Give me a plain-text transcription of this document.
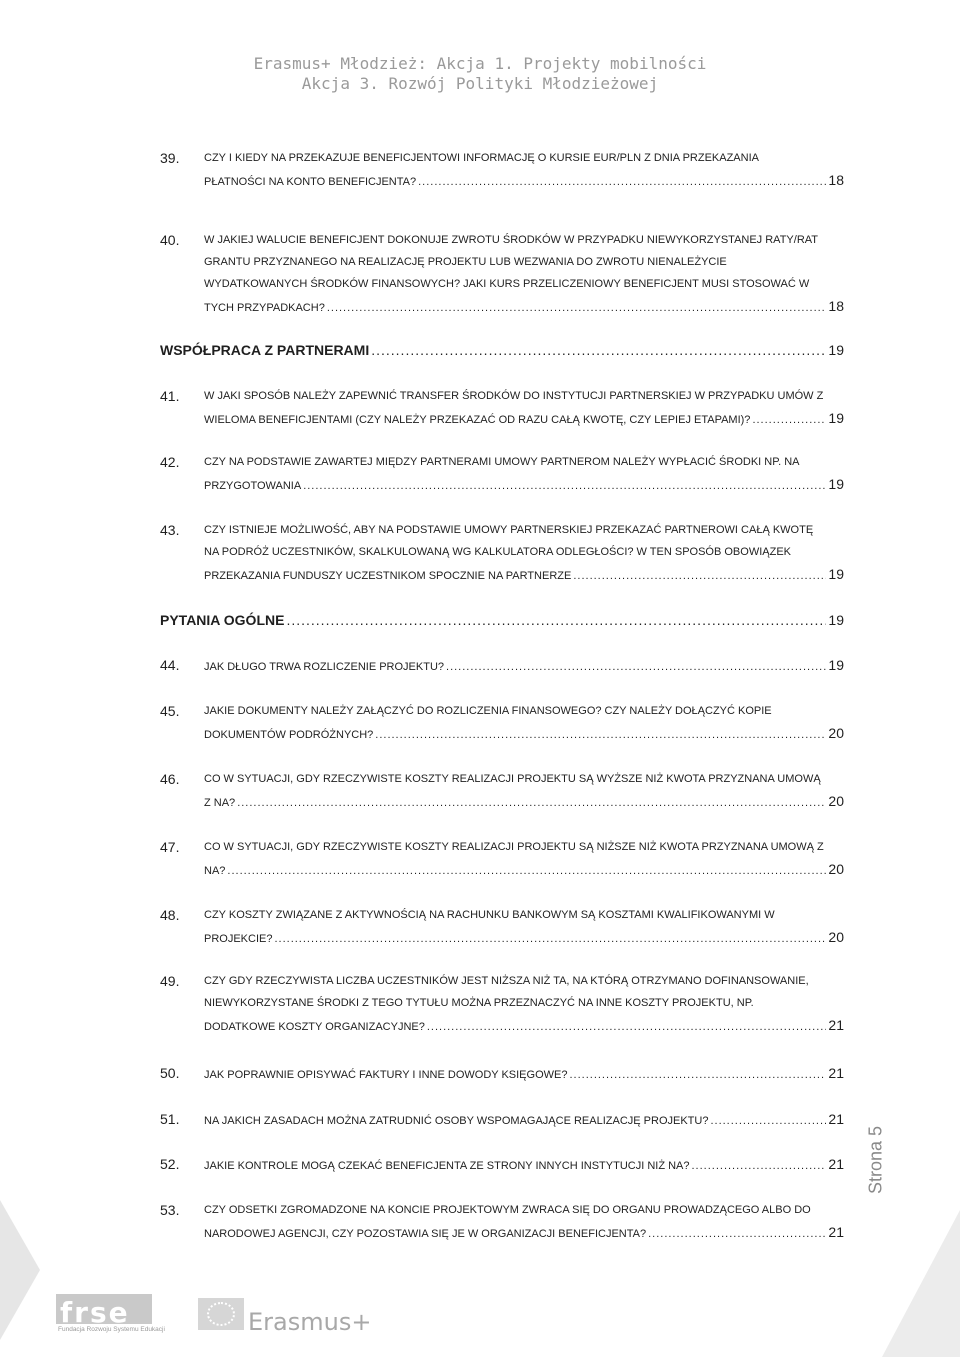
Erasmus+ Młodzież: Akcja 1. Projekty mobilności
Akcja 3. Rozwój Polityki Młodzieżowej
39. CZY I KIEDY NA PRZEKAZUJE BENEFICJENTOWI INFORMACJĘ O KURSIE EUR/PLN Z DNIA PRZEKAZANIA
PŁATNOŚCI NA KONTO BENEFICJENTA? .....	18
40. W JAKIEJ WALUCIE BENEFICJENT DOKONUJE ZWROTU ŚRODKÓW W PRZYPADKU NIEWYKORZYSTANEJ RATY/RAT
GRANTU PRZYZNANEGO NA REALIZACJĘ PROJEKTU LUB WEZWANIA DO ZWROTU NIENALEŻYCIE
WYDATKOWANYCH ŚRODKÓW FINANSOWYCH? JAKI KURS PRZELICZENIOWY BENEFICJENT MUSI STOSOWAĆ W
TYCH PRZYPADKACH? .....	18
WSPÓŁPRACA Z PARTNERAMI .....	19
41. W JAKI SPOSÓB NALEŻY ZAPEWNIĆ TRANSFER ŚRODKÓW DO INSTYTUCJI PARTNERSKIEJ W PRZYPADKU UMÓW Z
WIELOMA BENEFICJENTAMI (CZY NALEŻY PRZEKAZAĆ OD RAZU CAŁĄ KWOTĘ, CZY LEPIEJ ETAPAMI)? .....	19
42. CZY NA PODSTAWIE ZAWARTEJ MIĘDZY PARTNERAMI UMOWY PARTNEROM NALEŻY WYPŁACIĆ ŚRODKI NP. NA
PRZYGOTOWANIA .....	19
43. CZY ISTNIEJE MOŻLIWOŚĆ, ABY NA PODSTAWIE UMOWY PARTNERSKIEJ PRZEKAZAĆ PARTNEROWI CAŁĄ KWOTĘ
NA PODRÓŻ UCZESTNIKÓW, SKALKULOWANĄ WG KALKULATORA ODLEGŁOŚCI? W TEN SPOSÓB OBOWIĄZEK
PRZEKAZANIA FUNDUSZY UCZESTNIKOM SPOCZNIE NA PARTNERZE .....	19
PYTANIA OGÓLNE .....	19
44. JAK DŁUGO TRWA ROZLICZENIE PROJEKTU? .....	19
45. JAKIE DOKUMENTY NALEŻY ZAŁĄCZYĆ DO ROZLICZENIA FINANSOWEGO? CZY NALEŻY DOŁĄCZYĆ KOPIE
DOKUMENTÓW PODRÓŻNYCH? .....	20
46. CO W SYTUACJI, GDY RZECZYWISTE KOSZTY REALIZACJI PROJEKTU SĄ WYŻSZE NIŻ KWOTA PRZYZNANA UMOWĄ
Z NA? .....	20
47. CO W SYTUACJI, GDY RZECZYWISTE KOSZTY REALIZACJI PROJEKTU SĄ NIŻSZE NIŻ KWOTA PRZYZNANA UMOWĄ Z
NA? .....	20
48. CZY KOSZTY ZWIĄZANE Z AKTYWNOŚCIĄ NA RACHUNKU BANKOWYM SĄ KOSZTAMI KWALIFIKOWANYMI W
PROJEKCIE? .....	20
49. CZY GDY RZECZYWISTA LICZBA UCZESTNIKÓW JEST NIŻSZA NIŻ TA, NA KTÓRĄ OTRZYMANO DOFINANSOWANIE,
NIEWYKORZYSTANE ŚRODKI Z TEGO TYTUŁU MOŻNA PRZEZNACZYĆ NA INNE KOSZTY PROJEKTU, NP.
DODATKOWE KOSZTY ORGANIZACYJNE? .....	21
50. JAK POPRAWNIE OPISYWAĆ FAKTURY I INNE DOWODY KSIĘGOWE? .....	21
51. NA JAKICH ZASADACH MOŻNA ZATRUDNIĆ OSOBY WSPOMAGAJĄCE REALIZACJĘ PROJEKTU? .....	21
52. JAKIE KONTROLE MOGĄ CZEKAĆ BENEFICJENTA ZE STRONY INNYCH INSTYTUCJI NIŻ NA? .....	21
53. CZY ODSETKI ZGROMADZONE NA KONCIE PROJEKTOWYM ZWRACA SIĘ DO ORGANU PROWADZĄCEGO ALBO DO
NARODOWEJ AGENCJI, CZY POZOSTAWIA SIĘ JE W ORGANIZACJI BENEFICJENTA? .....	21
Strona 5
frse
Fundacja Rozwoju Systemu Edukacji	Erasmus+
